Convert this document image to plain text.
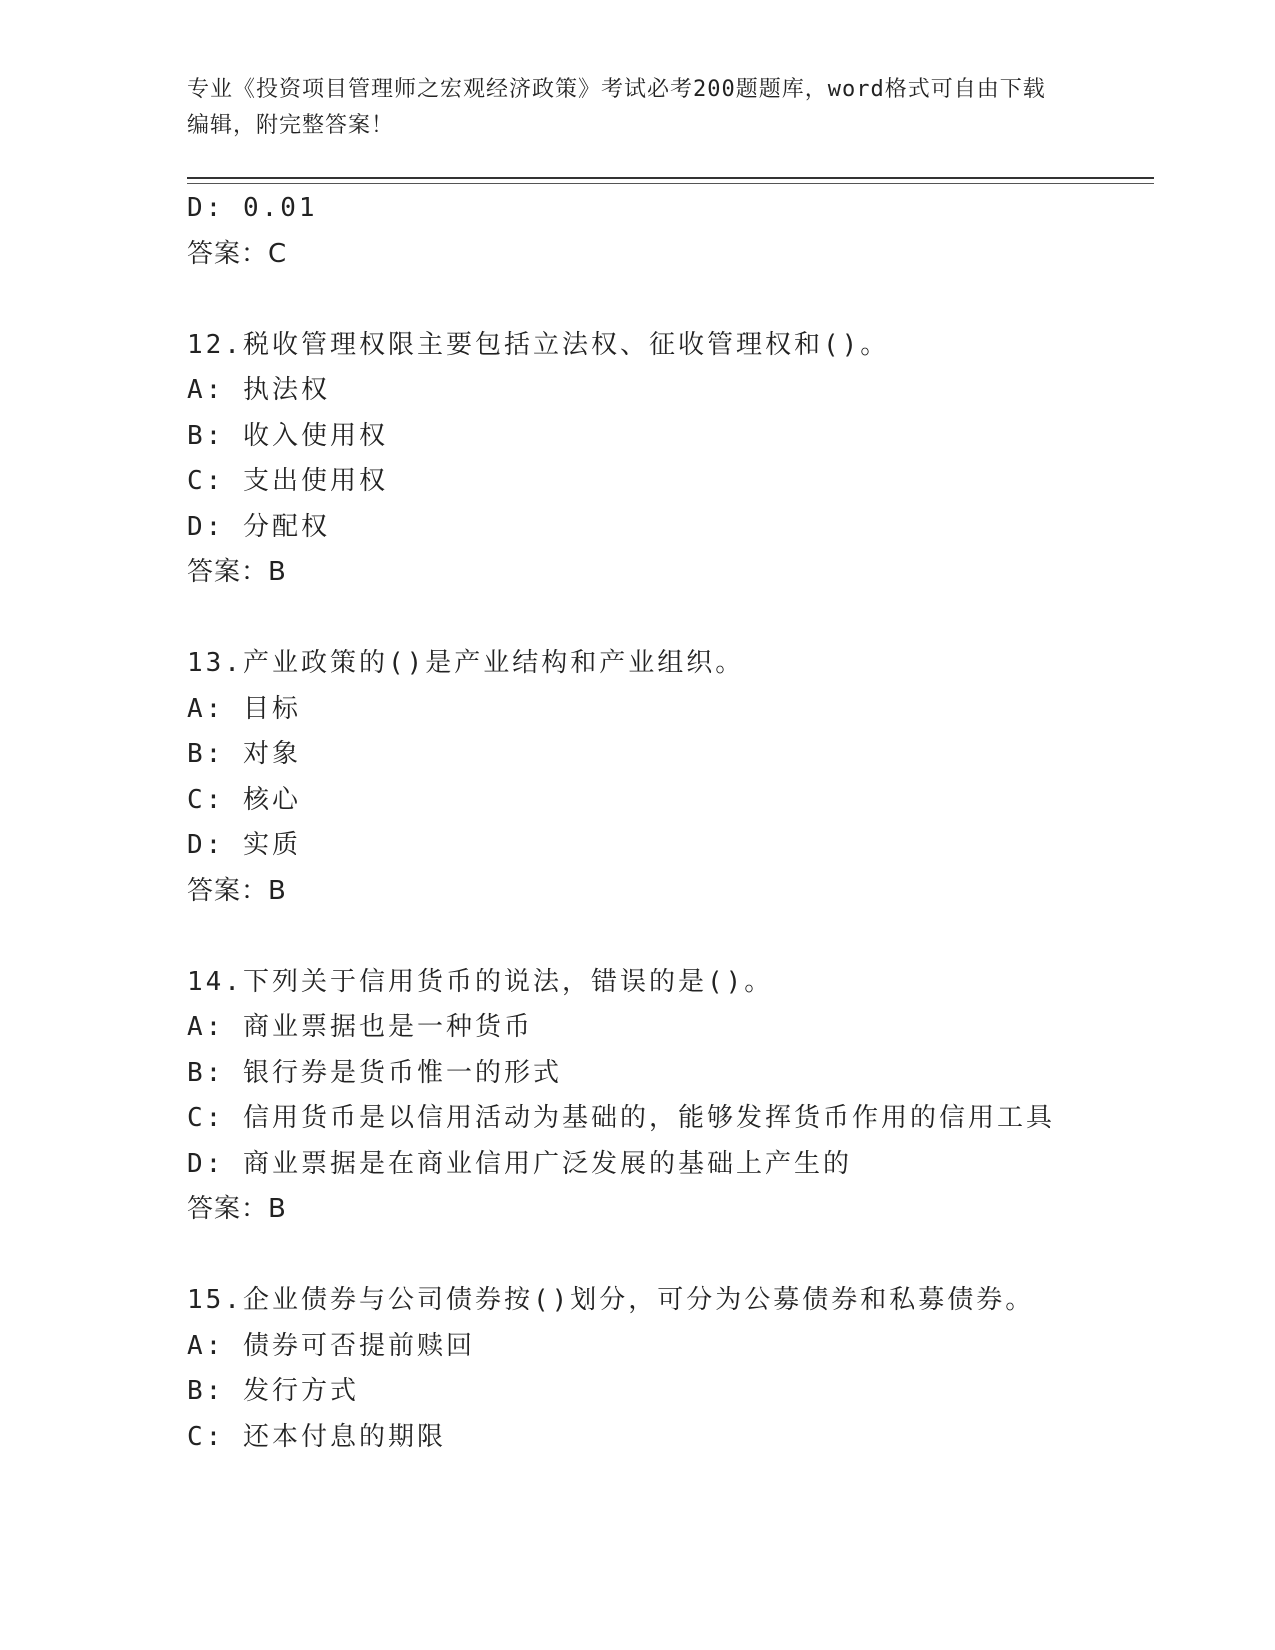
专业《投资项目管理师之宏观经济政策》考试必考200题题库，word格式可自由下载编辑，附完整答案！
D: 0.01
答案：C
12.税收管理权限主要包括立法权、征收管理权和()。
A: 执法权
B: 收入使用权
C: 支出使用权
D: 分配权
答案：B
13.产业政策的()是产业结构和产业组织。
A: 目标
B: 对象
C: 核心
D: 实质
答案：B
14.下列关于信用货币的说法，错误的是()。
A: 商业票据也是一种货币
B: 银行券是货币惟一的形式
C: 信用货币是以信用活动为基础的，能够发挥货币作用的信用工具
D: 商业票据是在商业信用广泛发展的基础上产生的
答案：B
15.企业债券与公司债券按()划分，可分为公募债券和私募债券。
A: 债券可否提前赎回
B: 发行方式
C: 还本付息的期限
